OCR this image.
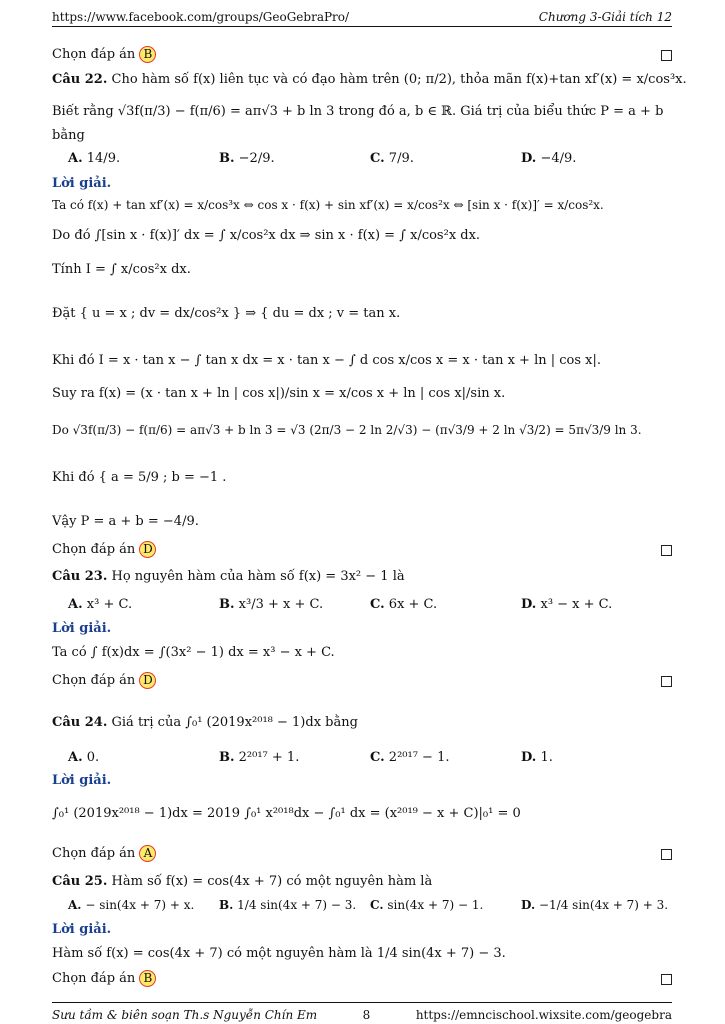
https://www.facebook.com/groups/GeoGebraPro/	Chương 3-Giải tích 12
Chọn đáp án B
Câu 22. Cho hàm số f(x) liên tục và có đạo hàm trên (0; π/2), thỏa mãn f(x)+tan xf′(x) = x/cos³x.
Biết rằng √3f(π/3) − f(π/6) = aπ√3 + b ln 3 trong đó a, b ∈ ℝ. Giá trị của biểu thức P = a + b
bằng
A. 14/9.	B. −2/9.	C. 7/9.	D. −4/9.
Lời giải.
Ta có f(x) + tan xf′(x) = x/cos³x ⇔ cos x · f(x) + sin xf′(x) = x/cos²x ⇔ [sin x · f(x)]′ = x/cos²x.
Do đó ∫[sin x · f(x)]′ dx = ∫ x/cos²x dx ⇒ sin x · f(x) = ∫ x/cos²x dx.
Tính I = ∫ x/cos²x dx.
Đặt { u = x ; dv = dx/cos²x } ⇒ { du = dx ; v = tan x.
Khi đó I = x · tan x − ∫ tan x dx = x · tan x − ∫ d cos x/cos x = x · tan x + ln | cos x|.
Suy ra f(x) = (x · tan x + ln | cos x|)/sin x = x/cos x + ln | cos x|/sin x.
Do √3f(π/3) − f(π/6) = aπ√3 + b ln 3 = √3 (2π/3 − 2 ln 2/√3) − (π√3/9 + 2 ln √3/2) = 5π√3/9 ln 3.
Khi đó { a = 5/9 ; b = −1 .
Vậy P = a + b = −4/9.
Chọn đáp án D
Câu 23. Họ nguyên hàm của hàm số f(x) = 3x² − 1 là
A. x³ + C.	B. x³/3 + x + C.	C. 6x + C.	D. x³ − x + C.
Lời giải.
Ta có ∫ f(x)dx = ∫(3x² − 1) dx = x³ − x + C.
Chọn đáp án D
Câu 24. Giá trị của ∫₀¹ (2019x²⁰¹⁸ − 1)dx bằng
A. 0.	B. 2²⁰¹⁷ + 1.	C. 2²⁰¹⁷ − 1.	D. 1.
Lời giải.
∫₀¹ (2019x²⁰¹⁸ − 1)dx = 2019 ∫₀¹ x²⁰¹⁸dx − ∫₀¹ dx = (x²⁰¹⁹ − x + C)|₀¹ = 0
Chọn đáp án A
Câu 25. Hàm số f(x) = cos(4x + 7) có một nguyên hàm là
A. − sin(4x + 7) + x.	B. 1/4 sin(4x + 7) − 3.	C. sin(4x + 7) − 1.	D. −1/4 sin(4x + 7) + 3.
Lời giải.
Hàm số f(x) = cos(4x + 7) có một nguyên hàm là 1/4 sin(4x + 7) − 3.
Chọn đáp án B
Sưu tầm & biên soạn Th.s Nguyễn Chín Em	8	https://emncischool.wixsite.com/geogebra
